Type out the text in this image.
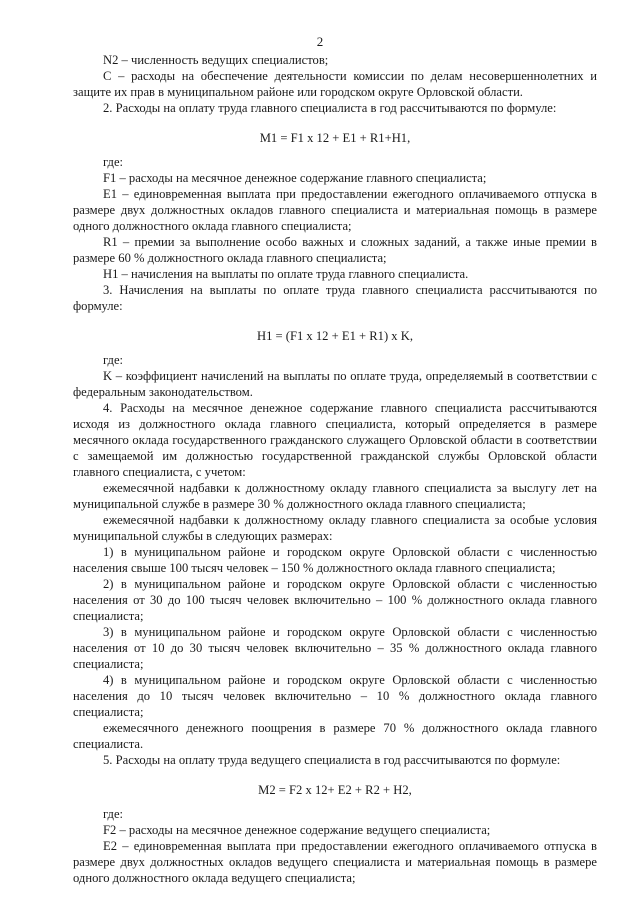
2

N2 – численность ведущих специалистов;

С – расходы на обеспечение деятельности комиссии по делам несовершеннолетних и защите их прав в муниципальном районе или городском округе Орловской области.

2. Расходы на оплату труда главного специалиста в год рассчитываются по формуле:

M1 = F1 x 12 + E1 + R1+H1,

где:

F1 – расходы на месячное денежное содержание главного специалиста;

E1 – единовременная выплата при предоставлении ежегодного оплачиваемого отпуска в размере двух должностных окладов главного специалиста и материальная помощь в размере одного должностного оклада главного специалиста;

R1 – премии за выполнение особо важных и сложных заданий, а также иные премии в размере 60 % должностного оклада главного специалиста;

H1 – начисления на выплаты по оплате труда главного специалиста.

3. Начисления на выплаты по оплате труда главного специалиста рассчитываются по формуле:

H1 = (F1 x 12 + E1 + R1) x K,

где:

K – коэффициент начислений на выплаты по оплате труда, определяемый в соответствии с федеральным законодательством.

4. Расходы на месячное денежное содержание главного специалиста рассчитываются исходя из должностного оклада главного специалиста, который определяется в размере месячного оклада государственного гражданского служащего Орловской области в соответствии с замещаемой им должностью государственной гражданской службы Орловской области главного специалиста, с учетом:

ежемесячной надбавки к должностному окладу главного специалиста за выслугу лет на муниципальной службе в размере 30 % должностного оклада главного специалиста;

ежемесячной надбавки к должностному окладу главного специалиста за особые условия муниципальной службы в следующих размерах:

1) в муниципальном районе и городском округе Орловской области с численностью населения свыше 100 тысяч человек – 150 % должностного оклада главного специалиста;

2) в муниципальном районе и городском округе Орловской области с численностью населения от 30 до 100 тысяч человек включительно – 100 % должностного оклада главного специалиста;

3) в муниципальном районе и городском округе Орловской области с численностью населения от 10 до 30 тысяч человек включительно – 35 % должностного оклада главного специалиста;

4) в муниципальном районе и городском округе Орловской области с численностью населения до 10 тысяч человек включительно – 10 % должностного оклада главного специалиста;

ежемесячного денежного поощрения в размере 70 % должностного оклада главного специалиста.

5. Расходы на оплату труда ведущего специалиста в год рассчитываются по формуле:

M2 = F2 x 12+ E2 + R2 + H2,

где:

F2 – расходы на месячное денежное содержание ведущего специалиста;

E2 – единовременная выплата при предоставлении ежегодного оплачиваемого отпуска в размере двух должностных окладов ведущего специалиста и материальная помощь в размере одного должностного оклада ведущего специалиста;
